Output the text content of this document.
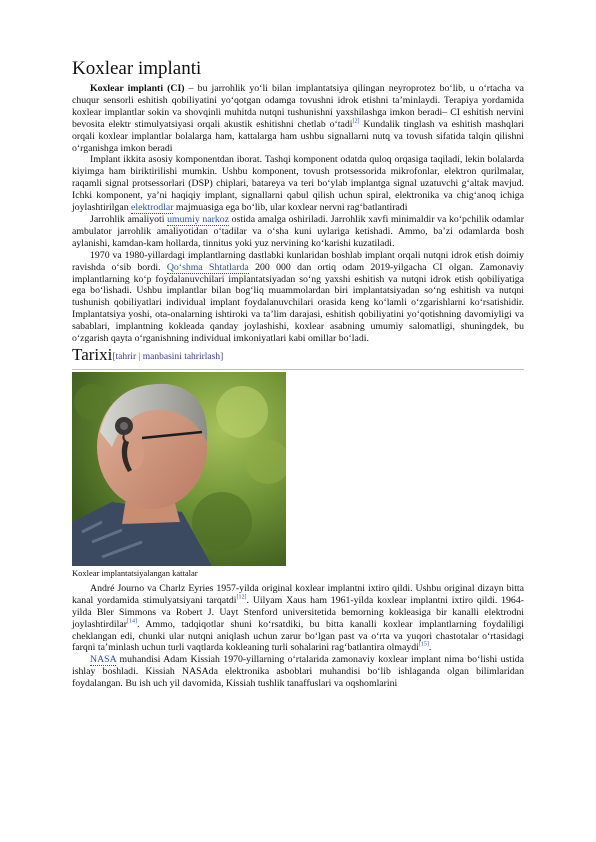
Koxlear implanti

Koxlear implanti (CI) – bu jarrohlik yo‘li bilan implantatsiya qilingan neyroprotez bo‘lib, u o‘rtacha va chuqur sensorli eshitish qobiliyatini yo‘qotgan odamga tovushni idrok etishni ta’minlaydi. Terapiya yordamida koxlear implantlar sokin va shovqinli muhitda nutqni tushunishni yaxshilashga imkon beradi– CI eshitish nervini bevosita elektr stimulyatsiyasi orqali akustik eshitishni chetlab o‘tadi[2] Kundalik tinglash va eshitish mashqlari orqali koxlear implantlar bolalarga ham, kattalarga ham ushbu signallarni nutq va tovush sifatida talqin qilishni o‘rganishga imkon beradi

Implant ikkita asosiy komponentdan iborat. Tashqi komponent odatda quloq orqasiga taqiladi, lekin bolalarda kiyimga ham biriktirilishi mumkin. Ushbu komponent, tovush protsessorida mikrofonlar, elektron qurilmalar, raqamli signal protsessorlari (DSP) chiplari, batareya va teri bo‘ylab implantga signal uzatuvchi g‘altak mavjud. Ichki komponent, ya’ni haqiqiy implant, signallarni qabul qilish uchun spiral, elektronika va chig‘anoq ichiga joylashtirilgan elektrodlar majmuasiga ega bo‘lib, ular koxlear nervni rag‘batlantiradi

Jarrohlik amaliyoti umumiy narkoz ostida amalga oshiriladi. Jarrohlik xavfi minimaldir va ko‘pchilik odamlar ambulator jarrohlik amaliyotidan o‘tadilar va o‘sha kuni uylariga ketishadi. Ammo, ba’zi odamlarda bosh aylanishi, kamdan-kam hollarda, tinnitus yoki yuz nervining ko‘karishi kuzatiladi.

1970 va 1980-yillardagi implantlarning dastlabki kunlaridan boshlab implant orqali nutqni idrok etish doimiy ravishda o‘sib bordi. Qo‘shma Shtatlarda 200 000 dan ortiq odam 2019-yilgacha CI olgan. Zamonaviy implantlarning ko‘p foydalanuvchilari implantatsiyadan so‘ng yaxshi eshitish va nutqni idrok etish qobiliyatiga ega bo‘lishadi. Ushbu implantlar bilan bog‘liq muammolardan biri implantatsiyadan so‘ng eshitish va nutqni tushunish qobiliyatlari individual implant foydalanuvchilari orasida keng ko‘lamli o‘zgarishlarni ko‘rsatishidir. Implantatsiya yoshi, ota-onalarning ishtiroki va ta’lim darajasi, eshitish qobiliyatini yo‘qotishning davomiyligi va sabablari, implantning kokleada qanday joylashishi, koxlear asabning umumiy salomatligi, shuningdek, bu o‘zgarish qayta o‘rganishning individual imkoniyatlari kabi omillar bo‘ladi.

Tarixi[tahrir | manbasini tahrirlash]
Koxlear implantatsiyalangan kattalar

André Journo va Charlz Eyries 1957-yilda original koxlear implantni ixtiro qildi. Ushbu original dizayn bitta kanal yordamida stimulyatsiyani tarqatdi[12]. Uilyam Xaus ham 1961-yilda koxlear implantni ixtiro qildi. 1964-yilda Bler Simmons va Robert J. Uayt Stenford universitetida bemorning kokleasiga bir kanalli elektrodni joylashtirdilar[14]. Ammo, tadqiqotlar shuni ko‘rsatdiki, bu bitta kanalli koxlear implantlarning foydaliligi cheklangan edi, chunki ular nutqni aniqlash uchun zarur bo‘lgan past va o‘rta va yuqori chastotalar o‘rtasidagi farqni ta’minlash uchun turli vaqtlarda kokleaning turli sohalarini rag‘batlantira olmaydi[15].

NASA muhandisi Adam Kissiah 1970-yillarning o‘rtalarida zamonaviy koxlear implant nima bo‘lishi ustida ishlay boshladi. Kissiah NASAda elektronika asboblari muhandisi bo‘lib ishlaganda olgan bilimlaridan foydalangan. Bu ish uch yil davomida, Kissiah tushlik tanaffuslari va oqshomlarini
